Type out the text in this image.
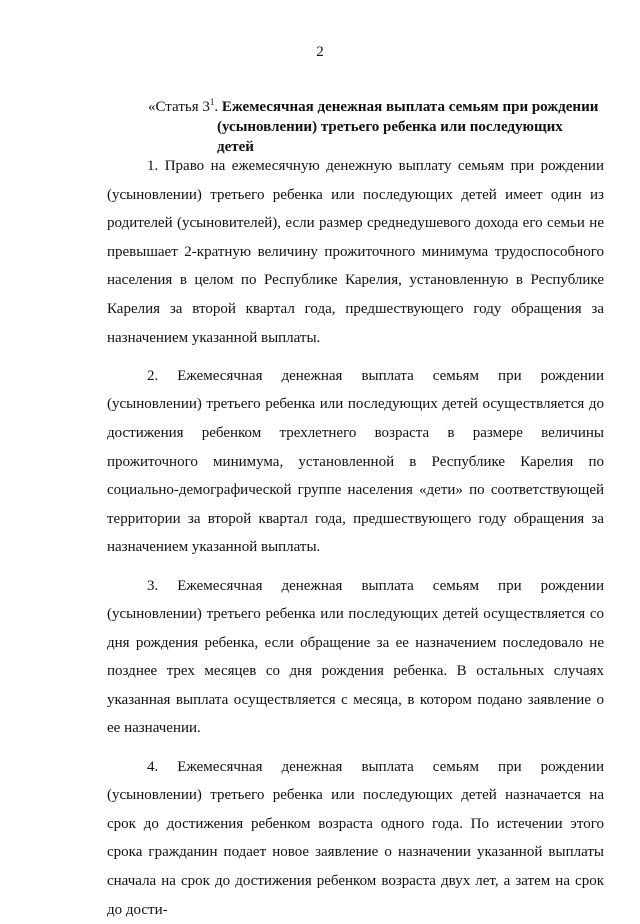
2
«Статья $3^1$. Ежемесячная денежная выплата семьям при рождении
(усыновлении) третьего ребенка или последующих
детей

1. Право на ежемесячную денежную выплату семьям при рождении (усыновлении) третьего ребенка или последующих детей имеет один из родителей (усыновителей), если размер среднедушевого дохода его семьи не превышает 2-кратную величину прожиточного минимума трудоспособного населения в целом по Республике Карелия, установленную в Республике Карелия за второй квартал года, предшествующего году обращения за назначением указанной выплаты.

2. Ежемесячная денежная выплата семьям при рождении (усыновлении) третьего ребенка или последующих детей осуществляется до достижения ребенком трехлетнего возраста в размере величины прожиточного минимума, установленной в Республике Карелия по социально-демографической группе населения «дети» по соответствующей территории за второй квартал года, предшествующего году обращения за назначением указанной выплаты.

3. Ежемесячная денежная выплата семьям при рождении (усыновлении) третьего ребенка или последующих детей осуществляется со дня рождения ребенка, если обращение за ее назначением последовало не позднее трех месяцев со дня рождения ребенка. В остальных случаях указанная выплата осуществляется с месяца, в котором подано заявление о ее назначении.

4. Ежемесячная денежная выплата семьям при рождении (усыновлении) третьего ребенка или последующих детей назначается на срок до достижения ребенком возраста одного года. По истечении этого срока гражданин подает новое заявление о назначении указанной выплаты сначала на срок до достижения ребенком возраста двух лет, а затем на срок до дости-
